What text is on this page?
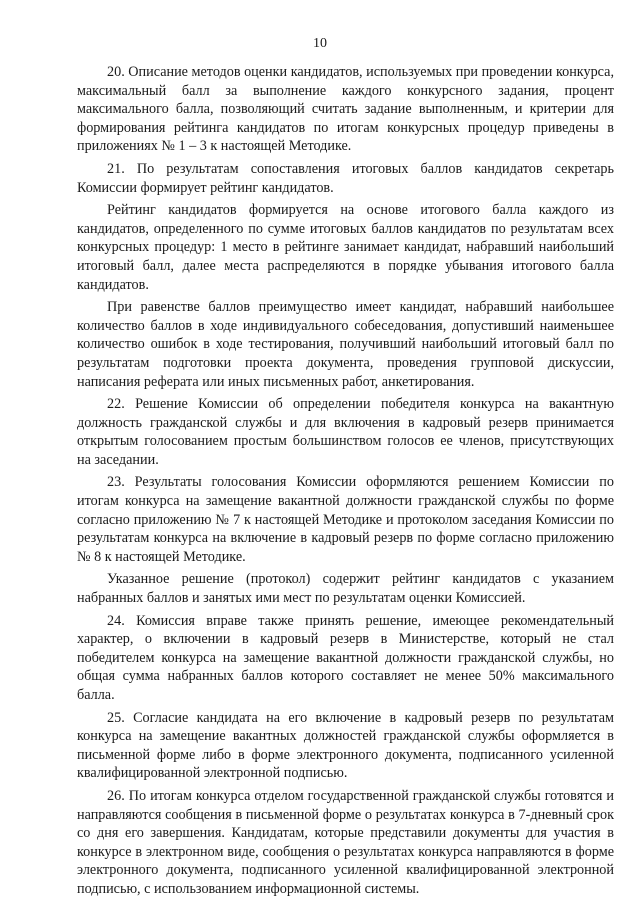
10

20. Описание методов оценки кандидатов, используемых при проведении конкурса, максимальный балл за выполнение каждого конкурсного задания, процент максимального балла, позволяющий считать задание выполненным, и критерии для формирования рейтинга кандидатов по итогам конкурсных процедур приведены в приложениях № 1 – 3 к настоящей Методике.

21. По результатам сопоставления итоговых баллов кандидатов секретарь Комиссии формирует рейтинг кандидатов.

Рейтинг кандидатов формируется на основе итогового балла каждого из кандидатов, определенного по сумме итоговых баллов кандидатов по результатам всех конкурсных процедур: 1 место в рейтинге занимает кандидат, набравший наибольший итоговый балл, далее места распределяются в порядке убывания итогового балла кандидатов.

При равенстве баллов преимущество имеет кандидат, набравший наибольшее количество баллов в ходе индивидуального собеседования, допустивший наименьшее количество ошибок в ходе тестирования, получивший наибольший итоговый балл по результатам подготовки проекта документа, проведения групповой дискуссии, написания реферата или иных письменных работ, анкетирования.

22. Решение Комиссии об определении победителя конкурса на вакантную должность гражданской службы и для включения в кадровый резерв принимается открытым голосованием простым большинством голосов ее членов, присутствующих на заседании.

23. Результаты голосования Комиссии оформляются решением Комиссии по итогам конкурса на замещение вакантной должности гражданской службы по форме согласно приложению № 7 к настоящей Методике и протоколом заседания Комиссии по результатам конкурса на включение в кадровый резерв по форме согласно приложению № 8 к настоящей Методике.

Указанное решение (протокол) содержит рейтинг кандидатов с указанием набранных баллов и занятых ими мест по результатам оценки Комиссией.

24. Комиссия вправе также принять решение, имеющее рекомендательный характер, о включении в кадровый резерв в Министерстве, который не стал победителем конкурса на замещение вакантной должности гражданской службы, но общая сумма набранных баллов которого составляет не менее 50% максимального балла.

25. Согласие кандидата на его включение в кадровый резерв по результатам конкурса на замещение вакантных должностей гражданской службы оформляется в письменной форме либо в форме электронного документа, подписанного усиленной квалифицированной электронной подписью.

26. По итогам конкурса отделом государственной гражданской службы готовятся и направляются сообщения в письменной форме о результатах конкурса в 7-дневный срок со дня его завершения. Кандидатам, которые представили документы для участия в конкурсе в электронном виде, сообщения о результатах конкурса направляются в форме электронного документа, подписанного усиленной квалифицированной электронной подписью, с использованием информационной системы.
